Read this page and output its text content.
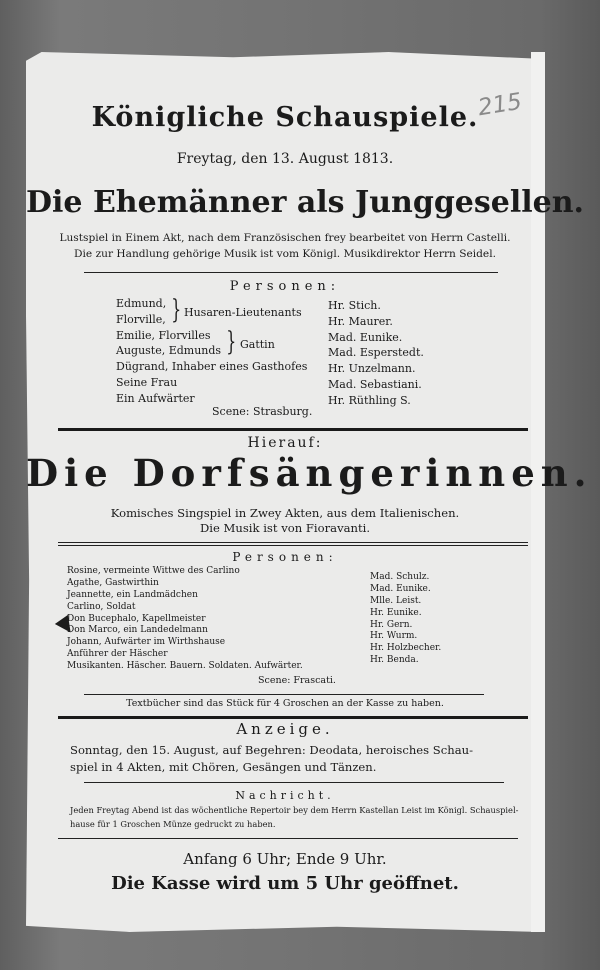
215
Königliche Schauspiele.
Freytag, den 13. August 1813.
Die Ehemänner als Junggesellen.
Lustspiel in Einem Akt, nach dem Französischen frey bearbeitet von Herrn Castelli.
Die zur Handlung gehörige Musik ist vom Königl. Musikdirektor Herrn Seidel.
Personen:
Edmund,
Florville,
Emilie, Florvilles
Auguste, Edmunds
Dügrand, Inhaber eines Gasthofes
Seine Frau
Ein Aufwärter
} Husaren-Lieutenants
} Gattin
Hr. Stich.
Hr. Maurer.
Mad. Eunike.
Mad. Esperstedt.
Hr. Unzelmann.
Mad. Sebastiani.
Hr. Rüthling S.
Scene: Strasburg.
Hierauf:
Die Dorfsängerinnen.
Komisches Singspiel in Zwey Akten, aus dem Italienischen.
Die Musik ist von Fioravanti.
Personen:
Rosine, vermeinte Wittwe des Carlino
Agathe, Gastwirthin
Jeannette, ein Landmädchen
Carlino, Soldat
Don Bucephalo, Kapellmeister
Don Marco, ein Landedelmann
Johann, Aufwärter im Wirthshause
Anführer der Häscher
Musikanten. Häscher. Bauern. Soldaten. Aufwärter.
Mad. Schulz.
Mad. Eunike.
Mlle. Leist.
Hr. Eunike.
Hr. Gern.
Hr. Wurm.
Hr. Holzbecher.
Hr. Benda.
Scene: Frascati.
Textbücher sind das Stück für 4 Groschen an der Kasse zu haben.
Anzeige.
Sonntag, den 15. August, auf Begehren: Deodata, heroisches Schau-
spiel in 4 Akten, mit Chören, Gesängen und Tänzen.
Nachricht.
Jeden Freytag Abend ist das wöchentliche Repertoir bey dem Herrn Kastellan Leist im Königl. Schauspiel-
hause für 1 Groschen Münze gedruckt zu haben.
Anfang 6 Uhr; Ende 9 Uhr.
Die Kasse wird um 5 Uhr geöffnet.
